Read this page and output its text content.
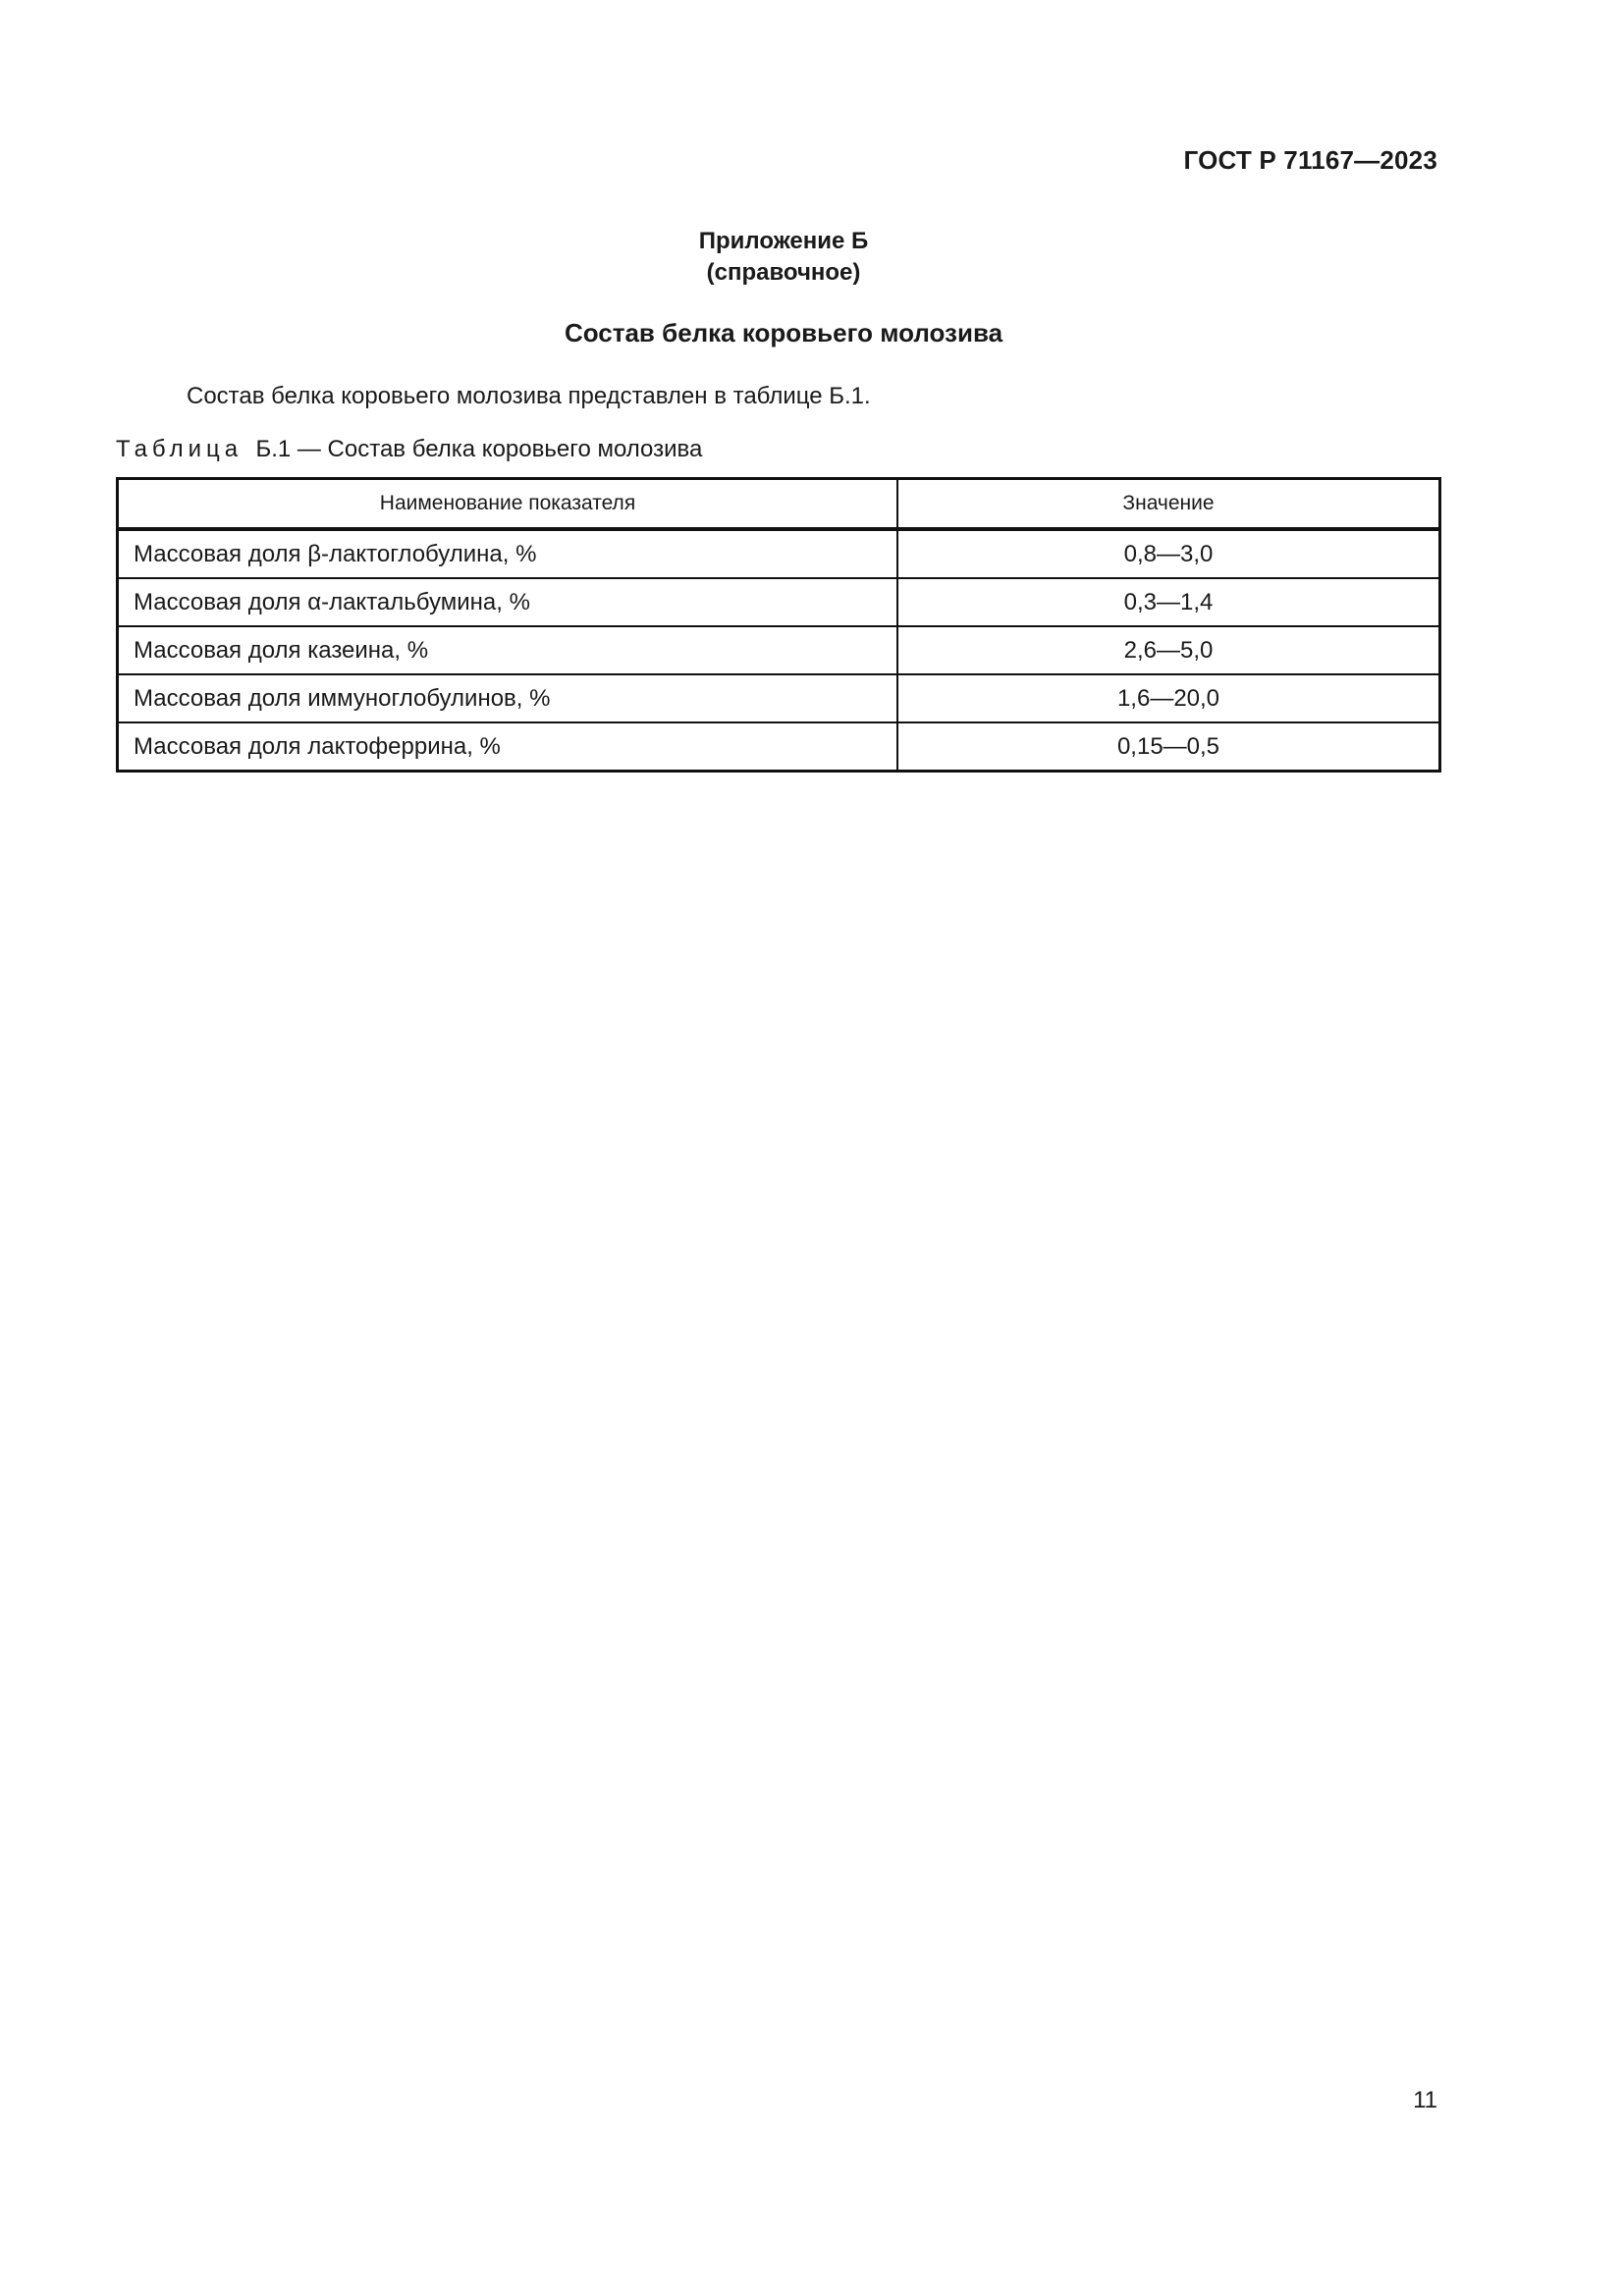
ГОСТ Р 71167—2023
Приложение Б
(справочное)
Состав белка коровьего молозива
Состав белка коровьего молозива представлен в таблице Б.1.
Таблица Б.1 — Состав белка коровьего молозива
Наименование показателя	Значение
Массовая доля β-лактоглобулина, %	0,8—3,0
Массовая доля α-лактальбумина, %	0,3—1,4
Массовая доля казеина, %	2,6—5,0
Массовая доля иммуноглобулинов, %	1,6—20,0
Массовая доля лактоферрина, %	0,15—0,5
11
